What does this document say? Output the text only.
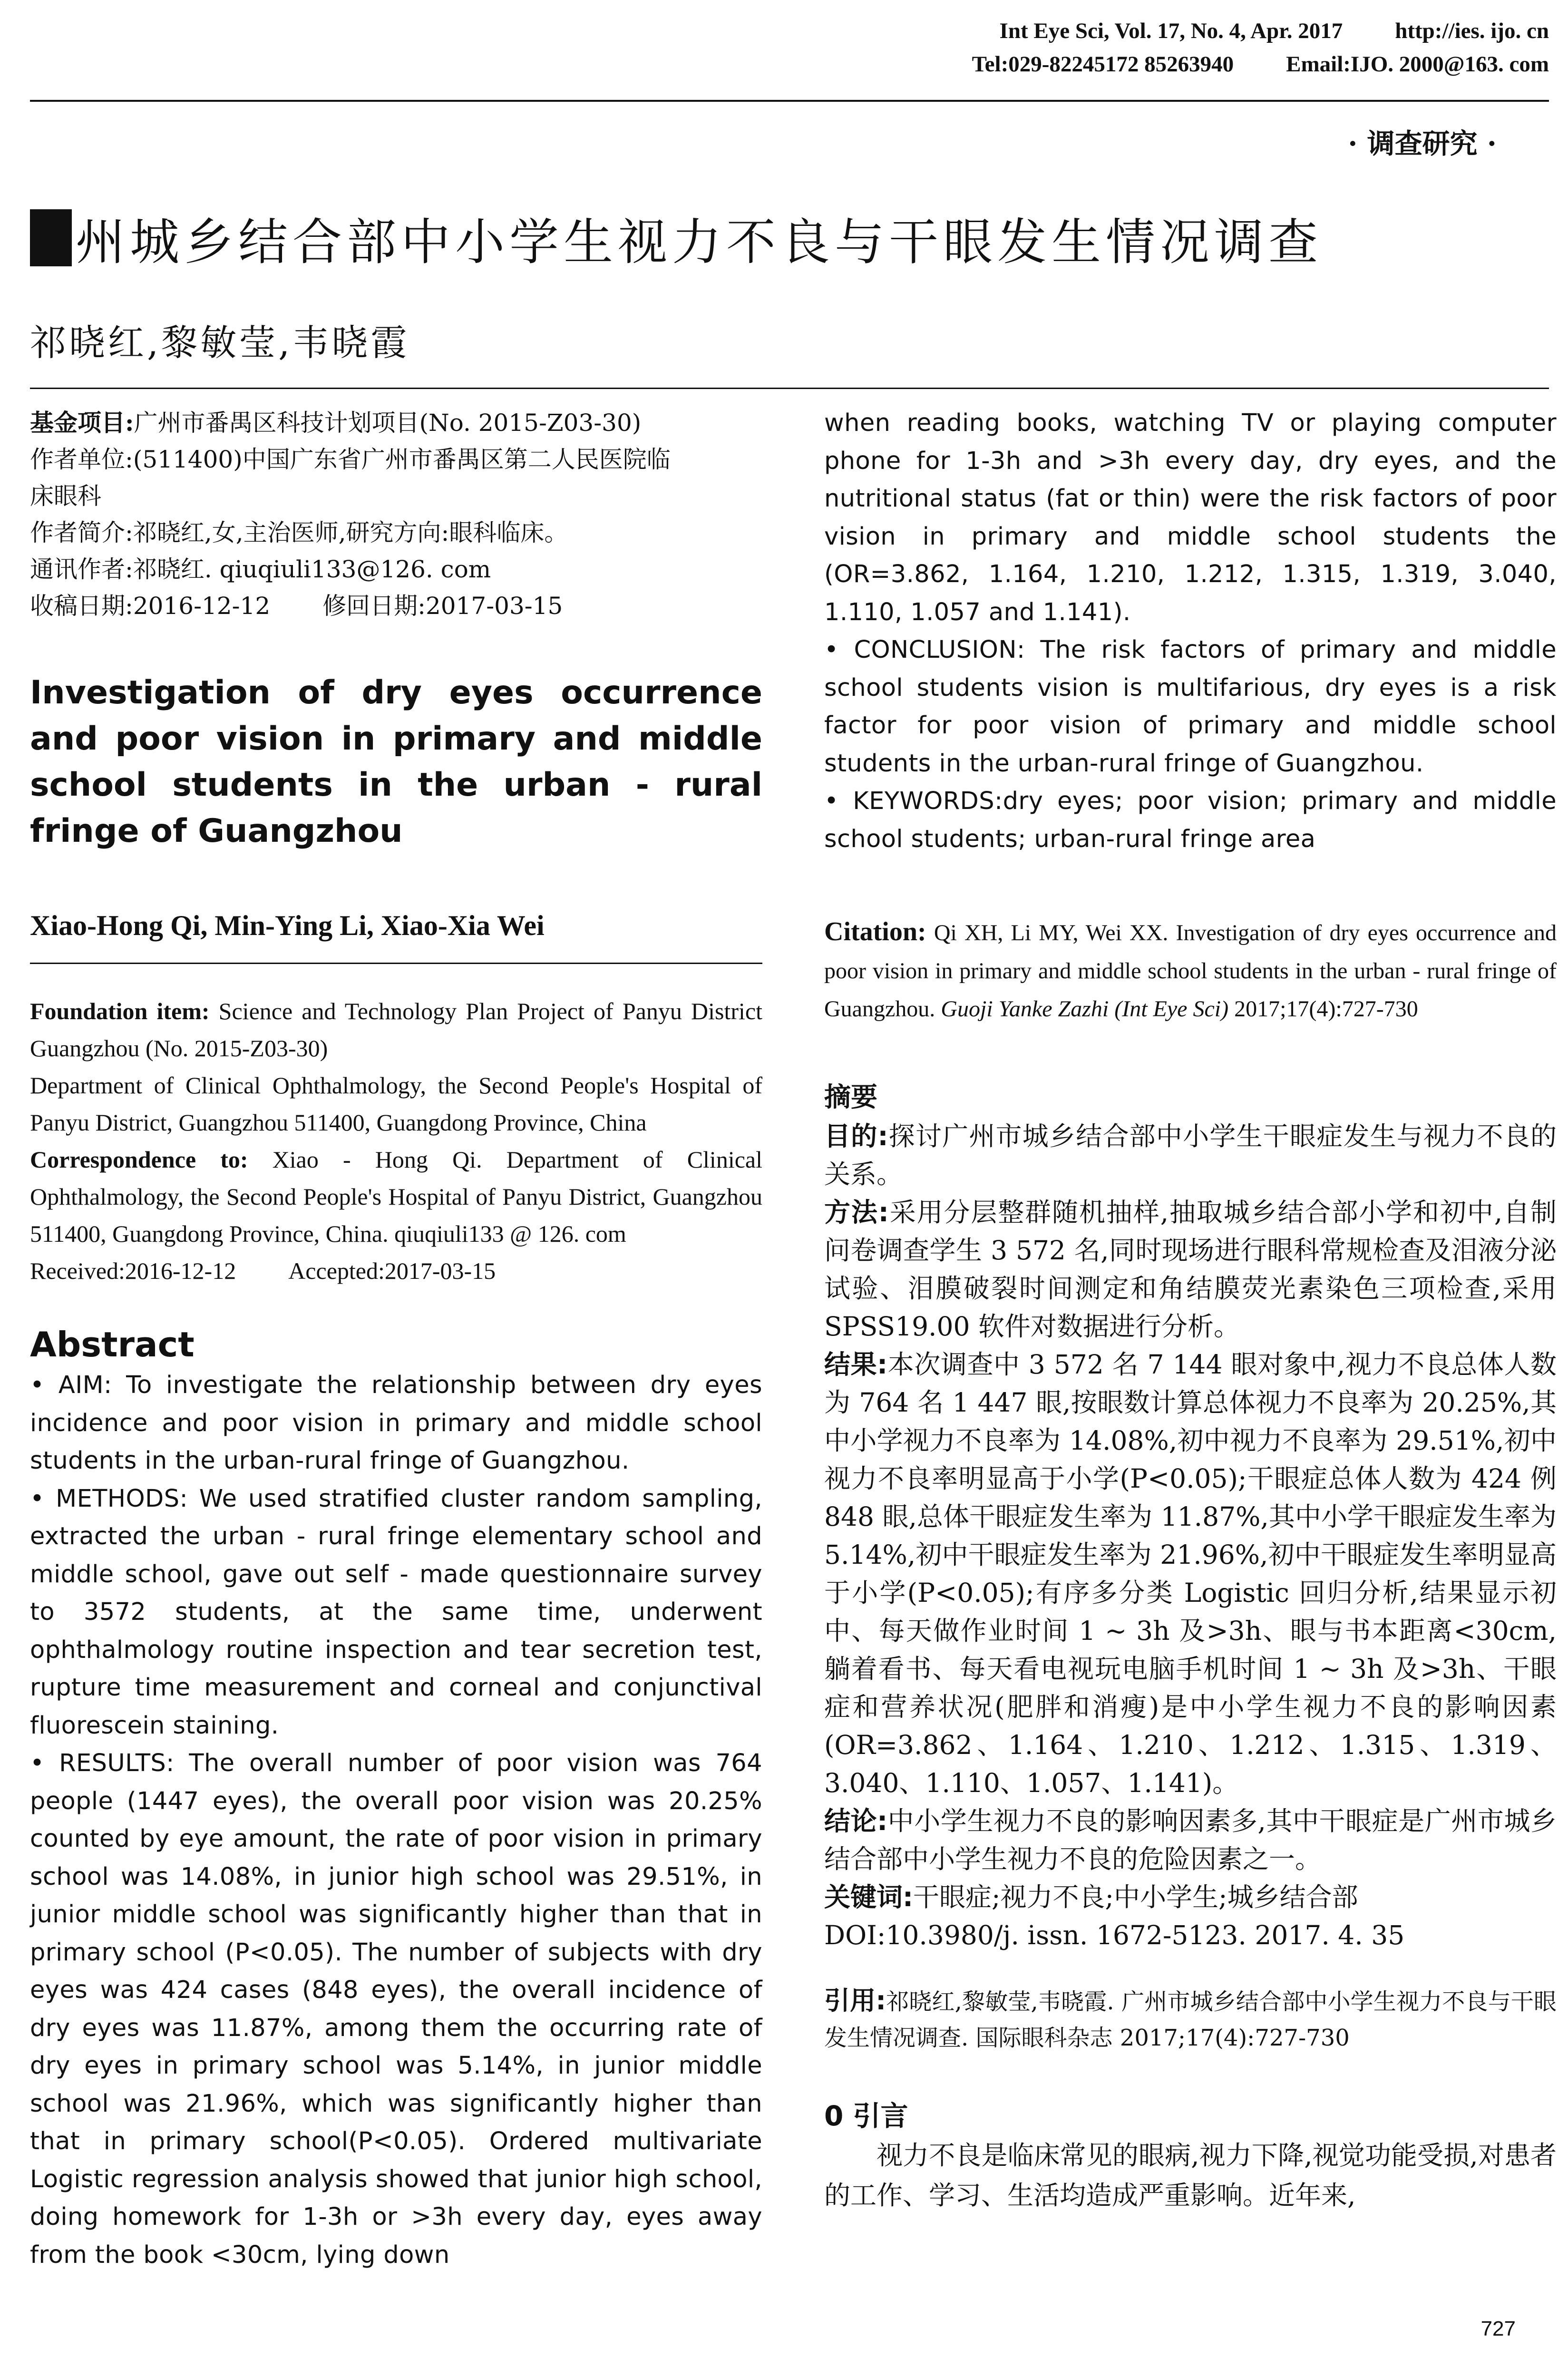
Int Eye Sci, Vol. 17, No. 4, Apr. 2017 http://ies. ijo. cn
Tel:029-82245172 85263940 Email:IJO. 2000@163. com
· 调查研究 ·
州城乡结合部中小学生视力不良与干眼发生情况调查
祁晓红,黎敏莹,韦晓霞

基金项目:广州市番禺区科技计划项目(No. 2015-Z03-30)

作者单位:(511400)中国广东省广州市番禺区第二人民医院临

床眼科

作者简介:祁晓红,女,主治医师,研究方向:眼科临床。

通讯作者:祁晓红. qiuqiuli133@126. com

收稿日期:2016-12-12 修回日期:2017-03-15

Investigation of dry eyes occurrence and poor vision in primary and middle school students in the urban - rural fringe of Guangzhou
Xiao-Hong Qi, Min-Ying Li, Xiao-Xia Wei

Foundation item: Science and Technology Plan Project of Panyu District Guangzhou (No. 2015-Z03-30)

Department of Clinical Ophthalmology, the Second People's Hospital of Panyu District, Guangzhou 511400, Guangdong Province, China

Correspondence to: Xiao - Hong Qi. Department of Clinical Ophthalmology, the Second People's Hospital of Panyu District, Guangzhou 511400, Guangdong Province, China. qiuqiuli133 @ 126. com

Received:2016-12-12 Accepted:2017-03-15

Abstract

• AIM: To investigate the relationship between dry eyes incidence and poor vision in primary and middle school students in the urban-rural fringe of Guangzhou.

• METHODS: We used stratified cluster random sampling, extracted the urban - rural fringe elementary school and middle school, gave out self - made questionnaire survey to 3572 students, at the same time, underwent ophthalmology routine inspection and tear secretion test, rupture time measurement and corneal and conjunctival fluorescein staining.

• RESULTS: The overall number of poor vision was 764 people (1447 eyes), the overall poor vision was 20.25% counted by eye amount, the rate of poor vision in primary school was 14.08%, in junior high school was 29.51%, in junior middle school was significantly higher than that in primary school (P<0.05). The number of subjects with dry eyes was 424 cases (848 eyes), the overall incidence of dry eyes was 11.87%, among them the occurring rate of dry eyes in primary school was 5.14%, in junior middle school was 21.96%, which was significantly higher than that in primary school(P<0.05). Ordered multivariate Logistic regression analysis showed that junior high school, doing homework for 1-3h or >3h every day, eyes away from the book <30cm, lying down

when reading books, watching TV or playing computer phone for 1-3h and >3h every day, dry eyes, and the nutritional status (fat or thin) were the risk factors of poor vision in primary and middle school students the (OR=3.862, 1.164, 1.210, 1.212, 1.315, 1.319, 3.040, 1.110, 1.057 and 1.141).

• CONCLUSION: The risk factors of primary and middle school students vision is multifarious, dry eyes is a risk factor for poor vision of primary and middle school students in the urban-rural fringe of Guangzhou.

• KEYWORDS:dry eyes; poor vision; primary and middle school students; urban-rural fringe area

Citation: Qi XH, Li MY, Wei XX. Investigation of dry eyes occurrence and poor vision in primary and middle school students in the urban - rural fringe of Guangzhou. Guoji Yanke Zazhi (Int Eye Sci) 2017;17(4):727-730
摘要

目的:探讨广州市城乡结合部中小学生干眼症发生与视力不良的关系。

方法:采用分层整群随机抽样,抽取城乡结合部小学和初中,自制问卷调查学生 3 572 名,同时现场进行眼科常规检查及泪液分泌试验、泪膜破裂时间测定和角结膜荧光素染色三项检查,采用 SPSS19.00 软件对数据进行分析。

结果:本次调查中 3 572 名 7 144 眼对象中,视力不良总体人数为 764 名 1 447 眼,按眼数计算总体视力不良率为 20.25%,其中小学视力不良率为 14.08%,初中视力不良率为 29.51%,初中视力不良率明显高于小学(P<0.05);干眼症总体人数为 424 例 848 眼,总体干眼症发生率为 11.87%,其中小学干眼症发生率为 5.14%,初中干眼症发生率为 21.96%,初中干眼症发生率明显高于小学(P<0.05);有序多分类 Logistic 回归分析,结果显示初中、每天做作业时间 1 ~ 3h 及>3h、眼与书本距离<30cm,躺着看书、每天看电视玩电脑手机时间 1 ~ 3h 及>3h、干眼症和营养状况(肥胖和消瘦)是中小学生视力不良的影响因素(OR=3.862、1.164、1.210、1.212、1.315、1.319、3.040、1.110、1.057、1.141)。

结论:中小学生视力不良的影响因素多,其中干眼症是广州市城乡结合部中小学生视力不良的危险因素之一。

关键词:干眼症;视力不良;中小学生;城乡结合部

DOI:10.3980/j. issn. 1672-5123. 2017. 4. 35

引用:祁晓红,黎敏莹,韦晓霞. 广州市城乡结合部中小学生视力不良与干眼发生情况调查. 国际眼科杂志 2017;17(4):727-730

0 引言

视力不良是临床常见的眼病,视力下降,视觉功能受损,对患者的工作、学习、生活均造成严重影响。近年来,

727
